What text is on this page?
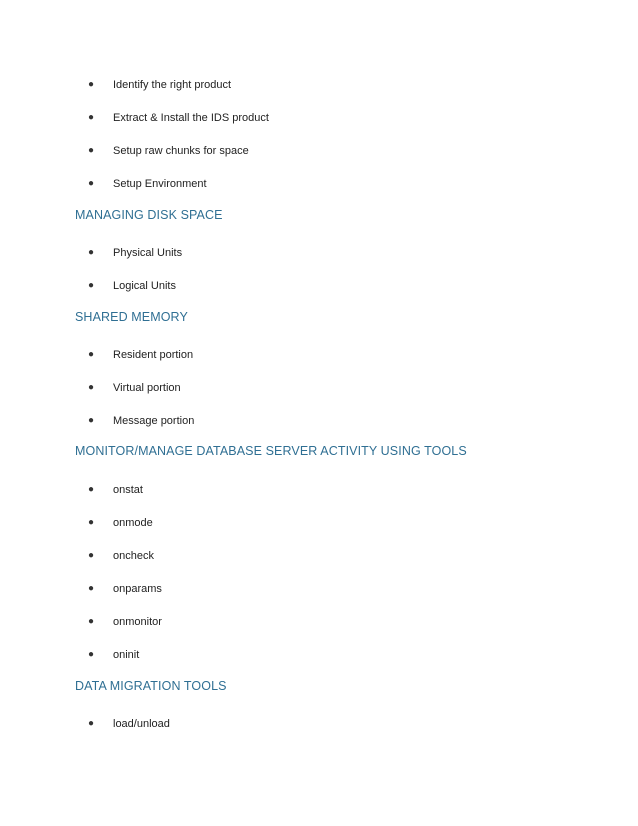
● Identify the right product
● Extract & Install the IDS product
● Setup raw chunks for space
● Setup Environment
MANAGING DISK SPACE
● Physical Units
● Logical Units
SHARED MEMORY
● Resident portion
● Virtual portion
● Message portion
MONITOR/MANAGE DATABASE SERVER ACTIVITY USING TOOLS
● onstat
● onmode
● oncheck
● onparams
● onmonitor
● oninit
DATA MIGRATION TOOLS
● load/unload
